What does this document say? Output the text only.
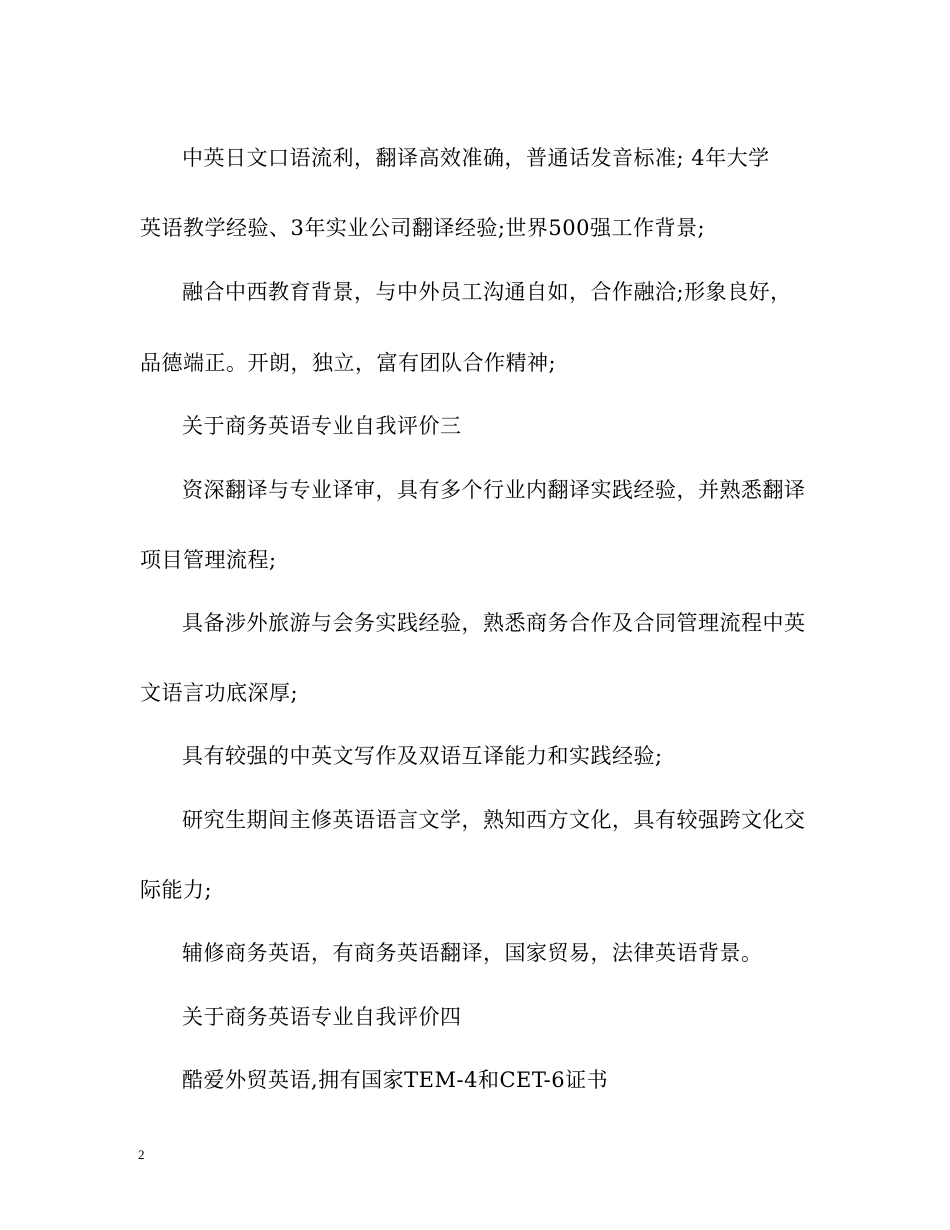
中英日文口语流利，翻译高效准确，普通话发音标准; 4年大学
英语教学经验、3年实业公司翻译经验;世界500强工作背景;
融合中西教育背景，与中外员工沟通自如，合作融洽;形象良好，
品德端正。开朗，独立，富有团队合作精神;
关于商务英语专业自我评价三
资深翻译与专业译审，具有多个行业内翻译实践经验，并熟悉翻译
项目管理流程;
具备涉外旅游与会务实践经验，熟悉商务合作及合同管理流程中英
文语言功底深厚;
具有较强的中英文写作及双语互译能力和实践经验;
研究生期间主修英语语言文学，熟知西方文化，具有较强跨文化交
际能力;
辅修商务英语，有商务英语翻译，国家贸易，法律英语背景。
关于商务英语专业自我评价四
酷爱外贸英语,拥有国家TEM-4和CET-6证书
2
